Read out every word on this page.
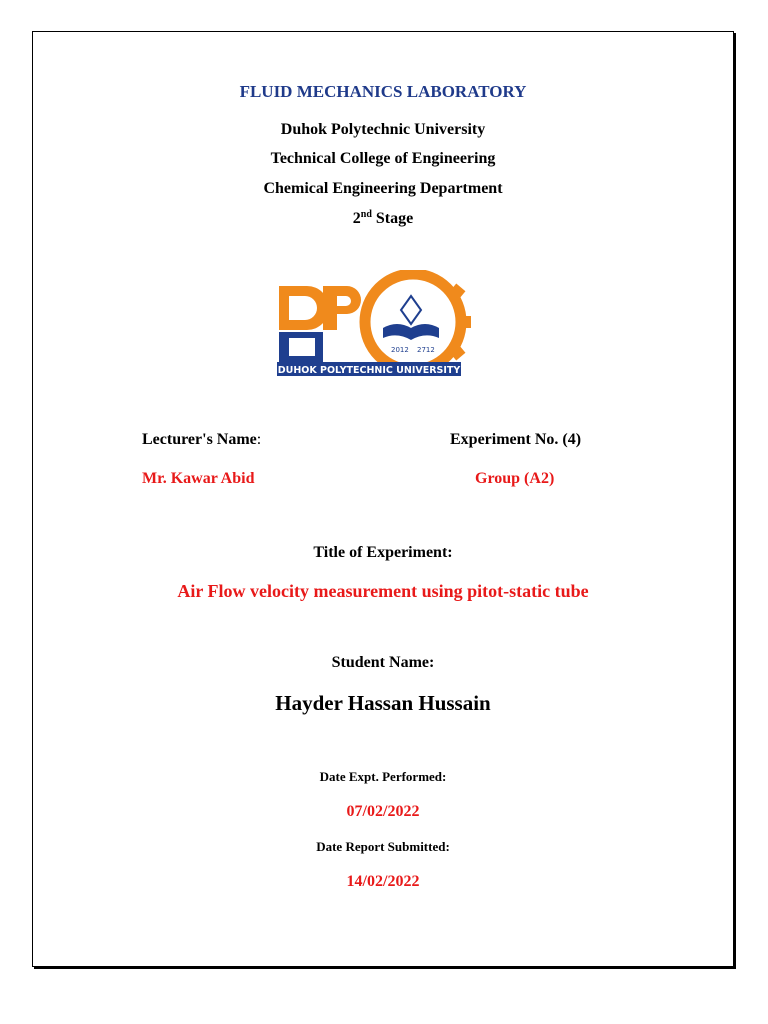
FLUID MECHANICS LABORATORY
Duhok Polytechnic University
Technical College of Engineering
Chemical Engineering Department
2nd Stage
2012 2712
DUHOK POLYTECHNIC UNIVERSITY
Lecturer's Name:	Experiment No. (4)
Mr. Kawar Abid	Group (A2)
Title of Experiment:
Air Flow velocity measurement using pitot-static tube
Student Name:
Hayder Hassan Hussain
Date Expt. Performed:
07/02/2022
Date Report Submitted:
14/02/2022
